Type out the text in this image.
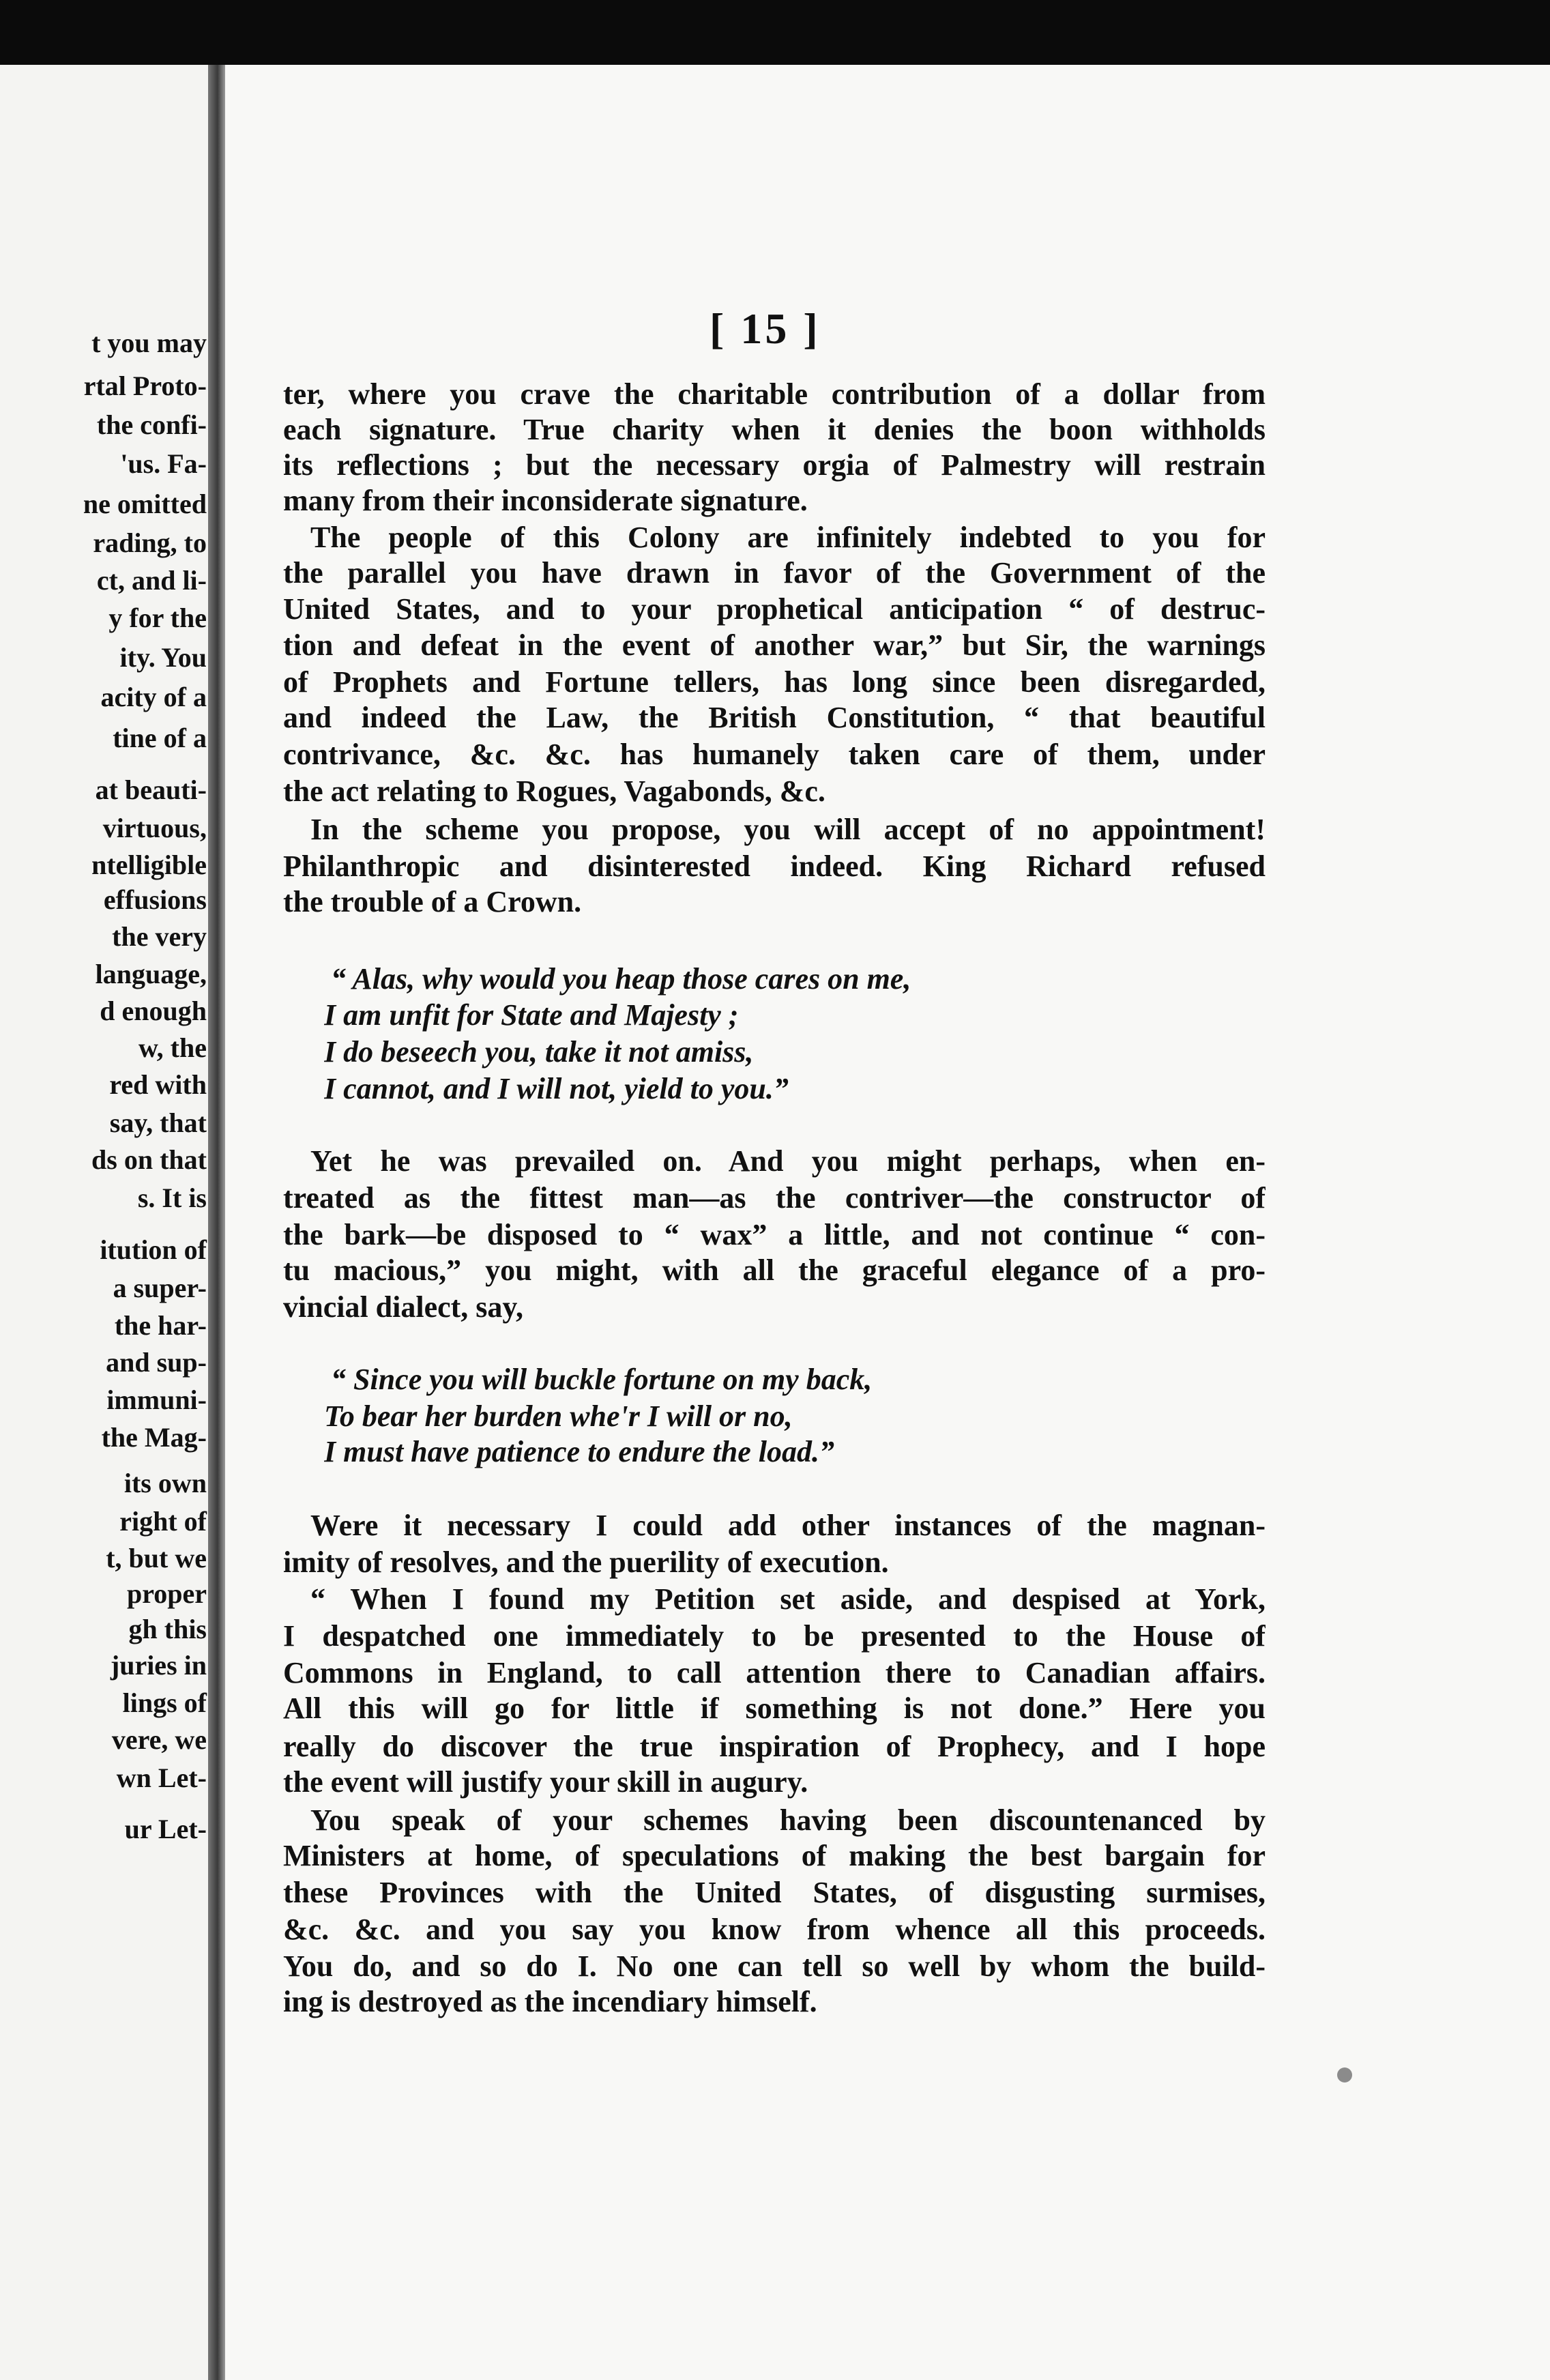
t you may
rtal Proto-
the confi-
'us. Fa-
ne omitted
rading, to
ct, and li-
y for the
ity. You
acity of a
tine of a
at beauti-
virtuous,
ntelligible
effusions
the very
language,
d enough
w, the
red with
say, that
ds on that
s. It is
itution of
a super-
the har-
and sup-
immuni-
the Mag-
its own
right of
t, but we
proper
gh this
juries in
lings of
vere, we
wn Let-
ur Let-
[ 15 ]
ter, where you crave the charitable contribution of a dollar from
each signature. True charity when it denies the boon withholds
its reflections ; but the necessary orgia of Palmestry will restrain
many from their inconsiderate signature.
The people of this Colony are infinitely indebted to you for
the parallel you have drawn in favor of the Government of the
United States, and to your prophetical anticipation “ of destruc-
tion and defeat in the event of another war,” but Sir, the warnings
of Prophets and Fortune tellers, has long since been disregarded,
and indeed the Law, the British Constitution, “ that beautiful
contrivance, &c. &c. has humanely taken care of them, under
the act relating to Rogues, Vagabonds, &c.
In the scheme you propose, you will accept of no appointment!
Philanthropic and disinterested indeed. King Richard refused
the trouble of a Crown.
“ Alas, why would you heap those cares on me,
I am unfit for State and Majesty ;
I do beseech you, take it not amiss,
I cannot, and I will not, yield to you.”
Yet he was prevailed on. And you might perhaps, when en-
treated as the fittest man—as the contriver—the constructor of
the bark—be disposed to “ wax” a little, and not continue “ con-
tu macious,” you might, with all the graceful elegance of a pro-
vincial dialect, say,
“ Since you will buckle fortune on my back,
To bear her burden whe'r I will or no,
I must have patience to endure the load.”
Were it necessary I could add other instances of the magnan-
imity of resolves, and the puerility of execution.
“ When I found my Petition set aside, and despised at York,
I despatched one immediately to be presented to the House of
Commons in England, to call attention there to Canadian affairs.
All this will go for little if something is not done.” Here you
really do discover the true inspiration of Prophecy, and I hope
the event will justify your skill in augury.
You speak of your schemes having been discountenanced by
Ministers at home, of speculations of making the best bargain for
these Provinces with the United States, of disgusting surmises,
&c. &c. and you say you know from whence all this proceeds.
You do, and so do I. No one can tell so well by whom the build-
ing is destroyed as the incendiary himself.
